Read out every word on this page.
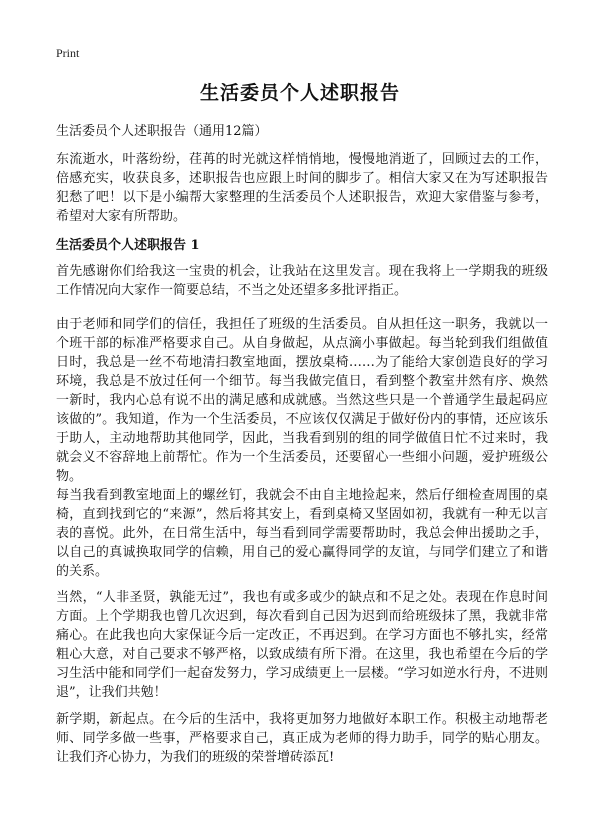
Print
生活委员个人述职报告
生活委员个人述职报告（通用12篇）

东流逝水，叶落纷纷，荏苒的时光就这样悄悄地，慢慢地消逝了，回顾过去的工作，倍感充实，收获良多，述职报告也应跟上时间的脚步了。相信大家又在为写述职报告犯愁了吧！以下是小编帮大家整理的生活委员个人述职报告，欢迎大家借鉴与参考，希望对大家有所帮助。

生活委员个人述职报告 1

首先感谢你们给我这一宝贵的机会，让我站在这里发言。现在我将上一学期我的班级工作情况向大家作一简要总结，不当之处还望多多批评指正。

由于老师和同学们的信任，我担任了班级的生活委员。自从担任这一职务，我就以一个班干部的标准严格要求自己。从自身做起，从点滴小事做起。每当轮到我们组做值日时，我总是一丝不苟地清扫教室地面，摆放桌椅……为了能给大家创造良好的学习环境，我总是不放过任何一个细节。每当我做完值日，看到整个教室井然有序、焕然一新时，我内心总有说不出的满足感和成就感。当然这些只是一个普通学生最起码应该做的”。我知道，作为一个生活委员，不应该仅仅满足于做好份内的事情，还应该乐于助人，主动地帮助其他同学，因此，当我看到别的组的同学做值日忙不过来时，我就会义不容辞地上前帮忙。作为一个生活委员，还要留心一些细小问题，爱护班级公物。

每当我看到教室地面上的螺丝钉，我就会不由自主地捡起来，然后仔细检查周围的桌椅，直到找到它的“来源”，然后将其安上，看到桌椅又坚固如初，我就有一种无以言表的喜悦。此外，在日常生活中，每当看到同学需要帮助时，我总会伸出援助之手，以自己的真诚换取同学的信赖，用自己的爱心赢得同学的友谊，与同学们建立了和谐的关系。

当然，“人非圣贤，孰能无过”，我也有或多或少的缺点和不足之处。表现在作息时间方面。上个学期我也曾几次迟到，每次看到自己因为迟到而给班级抹了黑，我就非常痛心。在此我也向大家保证今后一定改正，不再迟到。在学习方面也不够扎实，经常粗心大意，对自己要求不够严格，以致成绩有所下滑。在这里，我也希望在今后的学习生活中能和同学们一起奋发努力，学习成绩更上一层楼。“学习如逆水行舟，不进则退”，让我们共勉！

新学期，新起点。在今后的生活中，我将更加努力地做好本职工作。积极主动地帮老师、同学多做一些事，严格要求自己，真正成为老师的得力助手，同学的贴心朋友。让我们齐心协力，为我们的班级的荣誉增砖添瓦!
